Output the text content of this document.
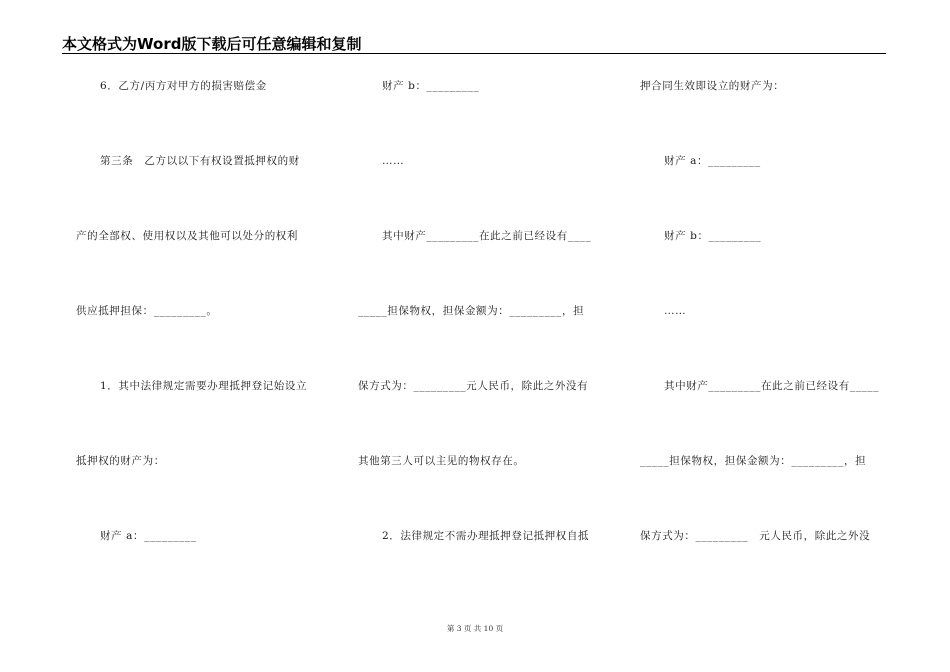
本文格式为Word版下载后可任意编辑和复制
6．乙方/丙方对甲方的损害赔偿金
第三条　乙方以以下有权设置抵押权的财
产的全部权、使用权以及其他可以处分的权利
供应抵押担保：_________。
1．其中法律规定需要办理抵押登记始设立
抵押权的财产为：
财产 a：_________
财产 b：_________
……
其中财产_________在此之前已经设有____
_____担保物权，担保金额为：_________，担
保方式为：_________元人民币，除此之外没有
其他第三人可以主见的物权存在。
2．法律规定不需办理抵押登记抵押权自抵
押合同生效即设立的财产为：
财产 a：_________
财产 b：_________
……
其中财产_________在此之前已经设有_____
_____担保物权，担保金额为：_________，担
保方式为：_________　元人民币，除此之外没
第 3 页 共 10 页
